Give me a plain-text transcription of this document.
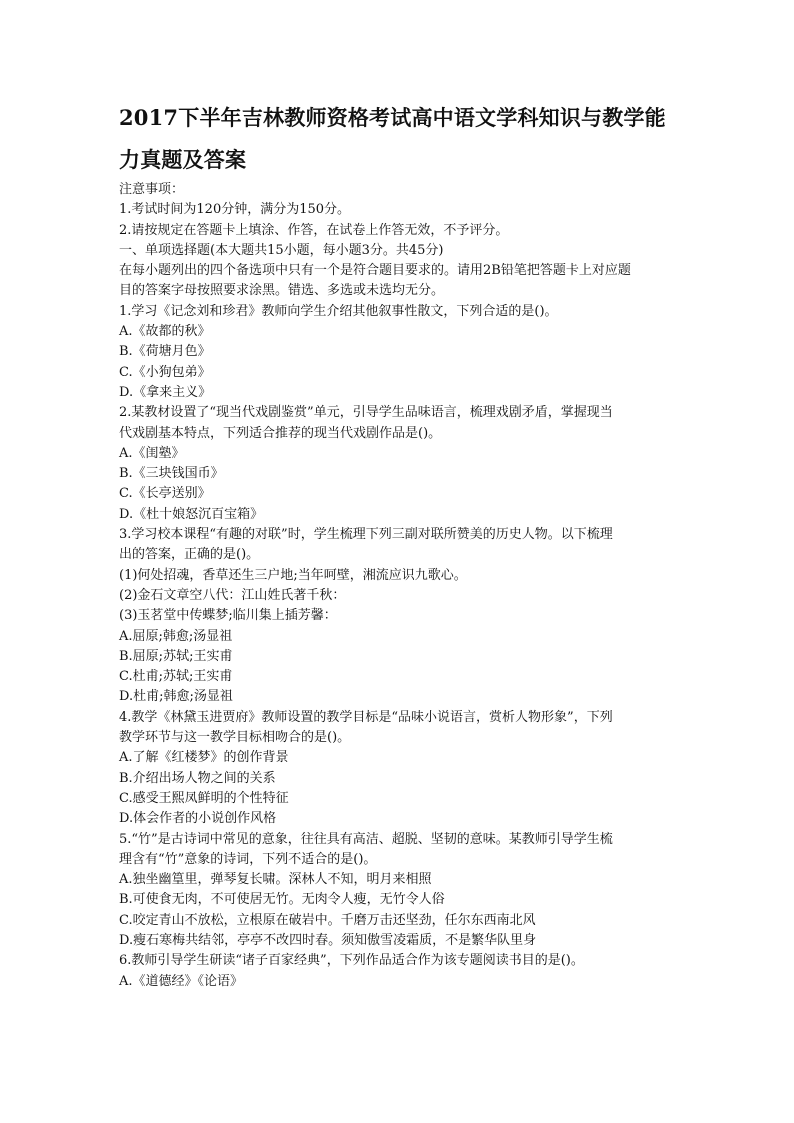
2017下半年吉林教师资格考试高中语文学科知识与教学能
力真题及答案
注意事项：
1.考试时间为120分钟，满分为150分。
2.请按规定在答题卡上填涂、作答，在试卷上作答无效，不予评分。
一、单项选择题(本大题共15小题，每小题3分。共45分)
在每小题列出的四个备选项中只有一个是符合题目要求的。请用2B铅笔把答题卡上对应题
目的答案字母按照要求涂黑。错选、多选或未选均无分。
1.学习《记念刘和珍君》教师向学生介绍其他叙事性散文，下列合适的是()。
A.《故都的秋》
B.《荷塘月色》
C.《小狗包弟》
D.《拿来主义》
2.某教材设置了“现当代戏剧鉴赏”单元，引导学生品味语言，梳理戏剧矛盾，掌握现当
代戏剧基本特点，下列适合推荐的现当代戏剧作品是()。
A.《闺塾》
B.《三块钱国币》
C.《长亭送别》
D.《杜十娘怒沉百宝箱》
3.学习校本课程“有趣的对联”时，学生梳理下列三副对联所赞美的历史人物。以下梳理
出的答案，正确的是()。
(1)何处招魂，香草还生三户地;当年呵壁，湘流应识九歌心。
(2)金石文章空八代：江山姓氏著千秋：
(3)玉茗堂中传蝶梦;临川集上插芳馨：
A.屈原;韩愈;汤显祖
B.屈原;苏轼;王实甫
C.杜甫;苏轼;王实甫
D.杜甫;韩愈;汤显祖
4.教学《林黛玉进贾府》教师设置的教学目标是“品味小说语言，赏析人物形象”，下列
教学环节与这一教学目标相吻合的是()。
A.了解《红楼梦》的创作背景
B.介绍出场人物之间的关系
C.感受王熙凤鲜明的个性特征
D.体会作者的小说创作风格
5.“竹”是古诗词中常见的意象，往往具有高洁、超脱、坚韧的意味。某教师引导学生梳
理含有“竹”意象的诗词，下列不适合的是()。
A.独坐幽篁里，弹琴复长啸。深林人不知，明月来相照
B.可使食无肉，不可使居无竹。无肉令人瘦，无竹令人俗
C.咬定青山不放松，立根原在破岩中。千磨万击还坚劲，任尔东西南北风
D.瘦石寒梅共结邻，亭亭不改四时春。须知傲雪凌霜质，不是繁华队里身
6.教师引导学生研读“诸子百家经典”，下列作品适合作为该专题阅读书目的是()。
A.《道德经》《论语》
